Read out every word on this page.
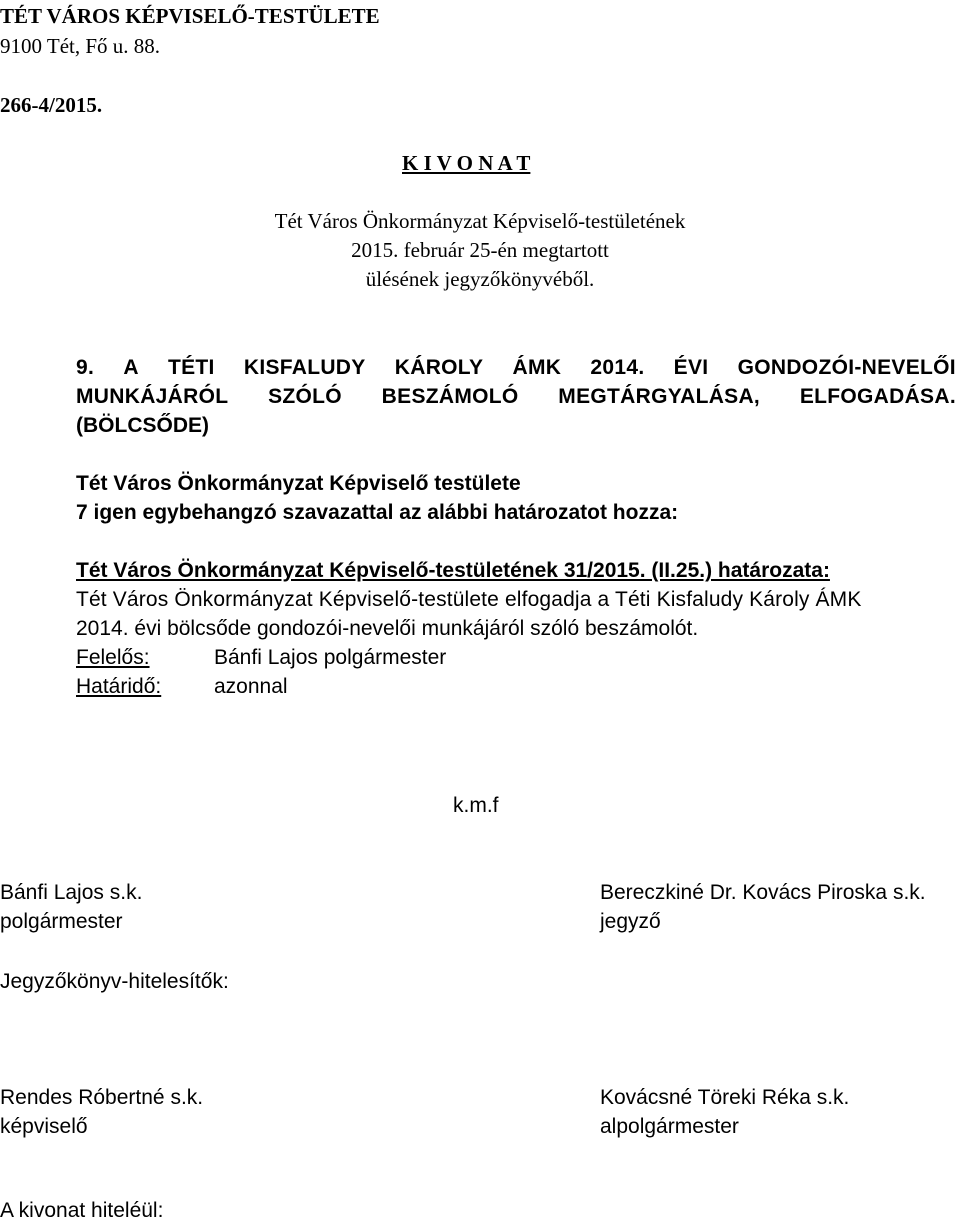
TÉT VÁROS KÉPVISELŐ-TESTÜLETE
9100 Tét, Fő u. 88.
266-4/2015.
K I V O N A T
Tét Város Önkormányzat Képviselő-testületének
2015. február 25-én megtartott
ülésének jegyzőkönyvéből.
9. A TÉTI KISFALUDY KÁROLY ÁMK 2014. ÉVI GONDOZÓI-NEVELŐI
MUNKÁJÁRÓL SZÓLÓ BESZÁMOLÓ MEGTÁRGYALÁSA, ELFOGADÁSA.
(BÖLCSŐDE)
Tét Város Önkormányzat Képviselő testülete
7 igen egybehangzó szavazattal az alábbi határozatot hozza:
Tét Város Önkormányzat Képviselő-testületének 31/2015. (II.25.) határozata:
Tét Város Önkormányzat Képviselő-testülete elfogadja a Téti Kisfaludy Károly ÁMK
2014. évi bölcsőde gondozói-nevelői munkájáról szóló beszámolót.
Felelős:	Bánfi Lajos polgármester
Határidő:	azonnal
k.m.f
Bánfi Lajos s.k.
polgármester
Bereczkiné Dr. Kovács Piroska s.k.
jegyző
Jegyzőkönyv-hitelesítők:
Rendes Róbertné s.k.
képviselő
Kovácsné Töreki Réka s.k.
alpolgármester
A kivonat hiteléül:
